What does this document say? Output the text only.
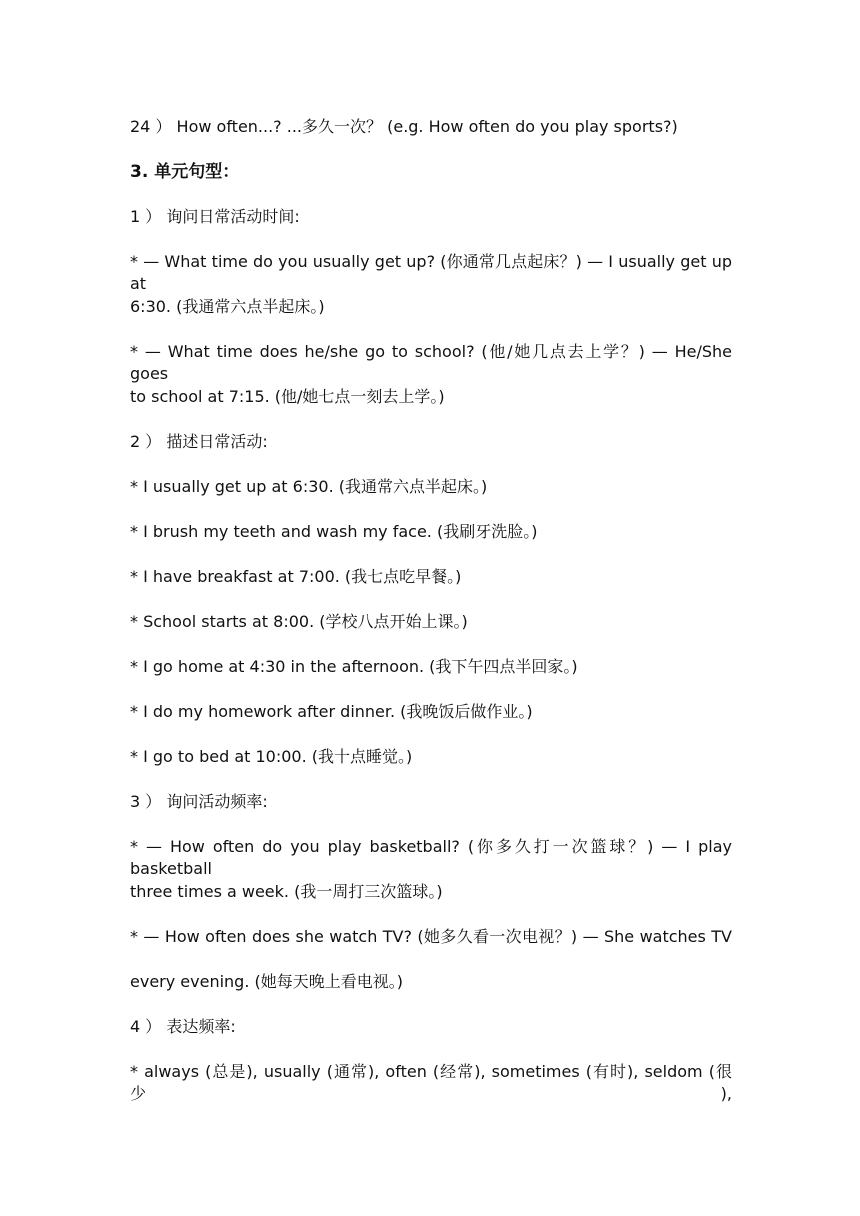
24 ） How often...? ...多久一次？ (e.g. How often do you play sports?)
3. 单元句型：
1 ） 询问日常活动时间:
* — What time do you usually get up? (你通常几点起床？) — I usually get up at
6:30. (我通常六点半起床。)
* — What time does he/she go to school? (他/她几点去上学？) — He/She goes
to school at 7:15. (他/她七点一刻去上学。)
2 ） 描述日常活动:
* I usually get up at 6:30. (我通常六点半起床。)
* I brush my teeth and wash my face. (我刷牙洗脸。)
* I have breakfast at 7:00. (我七点吃早餐。)
* School starts at 8:00. (学校八点开始上课。)
* I go home at 4:30 in the afternoon. (我下午四点半回家。)
* I do my homework after dinner. (我晚饭后做作业。)
* I go to bed at 10:00. (我十点睡觉。)
3 ） 询问活动频率:
* — How often do you play basketball? (你多久打一次篮球？) — I play basketball
three times a week. (我一周打三次篮球。)
* — How often does she watch TV? (她多久看一次电视？) — She watches TV
every evening. (她每天晚上看电视。)
4 ） 表达频率:
* always (总是), usually (通常), often (经常), sometimes (有时), seldom (很少),
